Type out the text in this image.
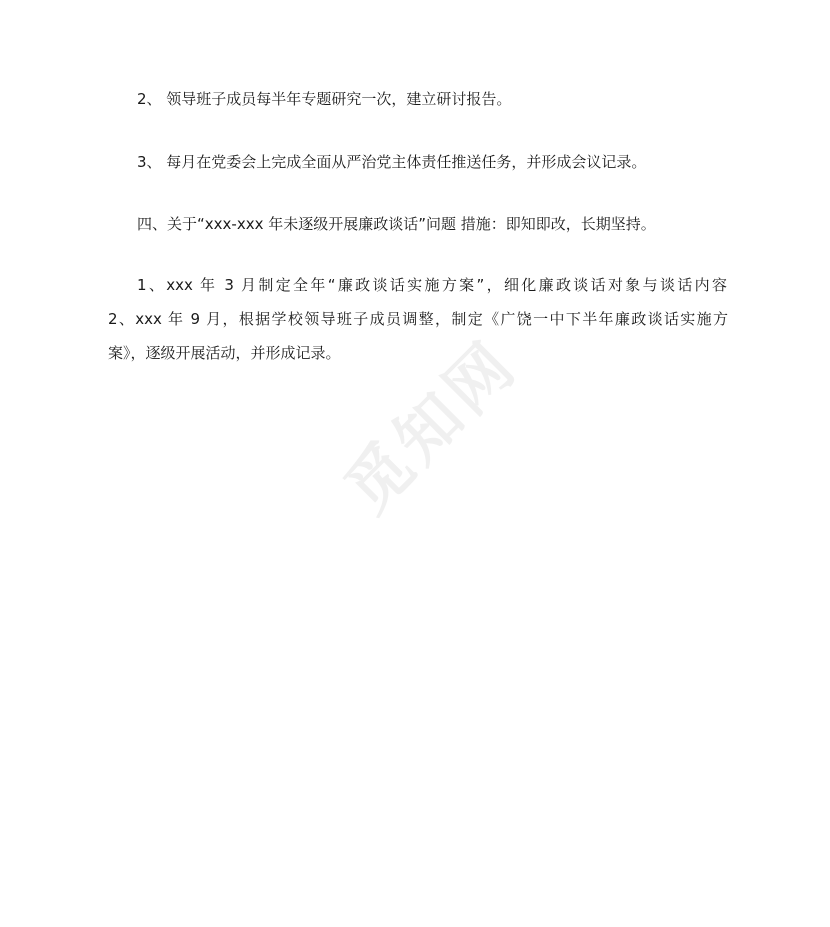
2、 领导班子成员每半年专题研究一次，建立研讨报告。
3、 每月在党委会上完成全面从严治党主体责任推送任务，并形成会议记录。
四、关于“xxx-xxx 年未逐级开展廉政谈话”问题 措施：即知即改，长期坚持。
1、xxx 年 3 月制定全年“廉政谈话实施方案”，细化廉政谈话对象与谈话内容
2、xxx 年 9 月，根据学校领导班子成员调整，制定《广饶一中下半年廉政谈话实施方
案》，逐级开展活动，并形成记录。
觅知网
